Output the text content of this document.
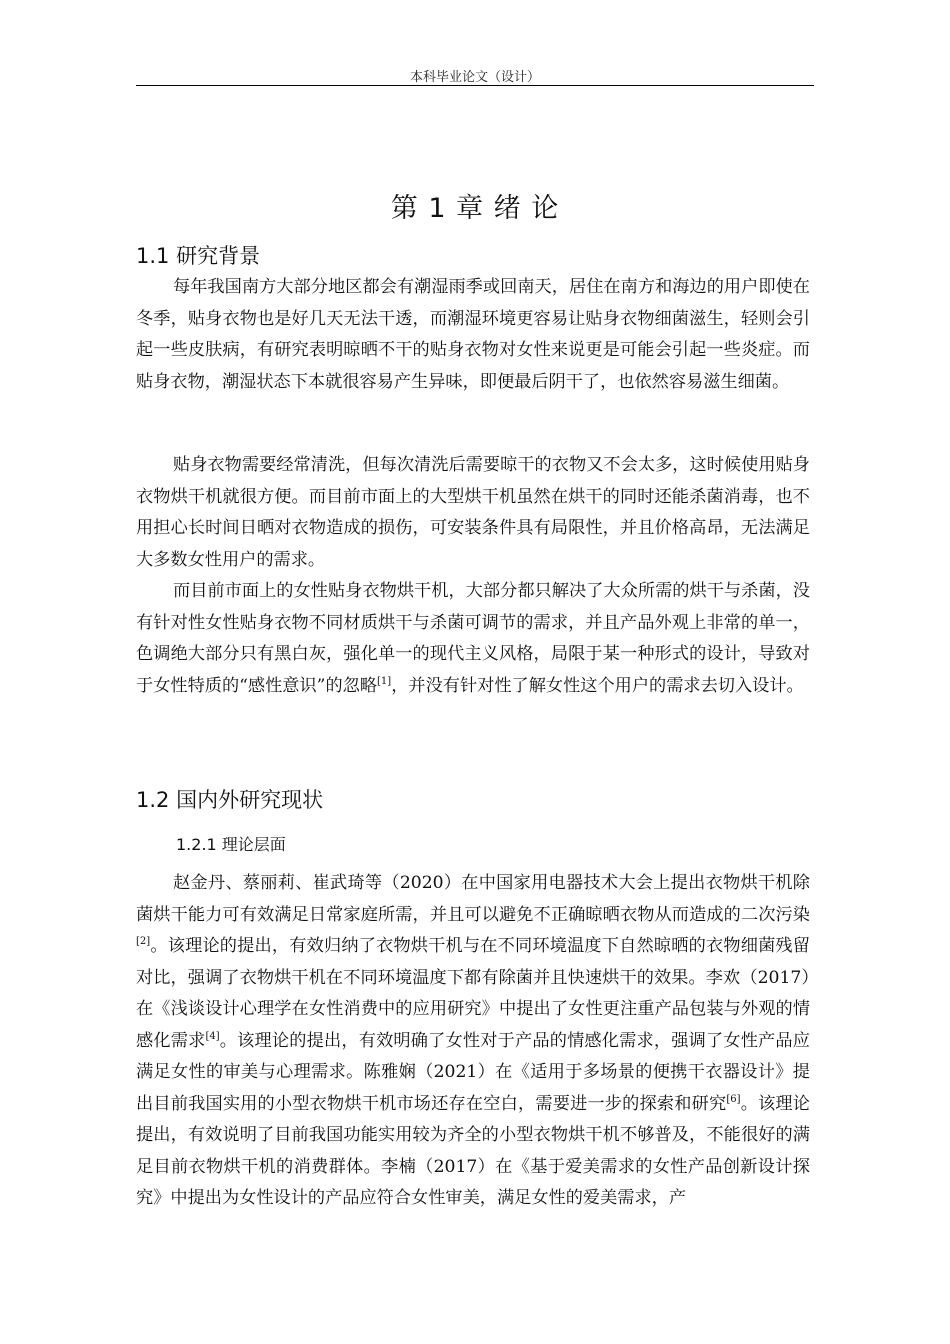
本科毕业论文（设计）
第 1 章 绪 论
1.1 研究背景

每年我国南方大部分地区都会有潮湿雨季或回南天，居住在南方和海边的用户即使在冬季，贴身衣物也是好几天无法干透，而潮湿环境更容易让贴身衣物细菌滋生，轻则会引起一些皮肤病，有研究表明晾晒不干的贴身衣物对女性来说更是可能会引起一些炎症。而贴身衣物，潮湿状态下本就很容易产生异味，即便最后阴干了，也依然容易滋生细菌。

贴身衣物需要经常清洗，但每次清洗后需要晾干的衣物又不会太多，这时候使用贴身衣物烘干机就很方便。而目前市面上的大型烘干机虽然在烘干的同时还能杀菌消毒，也不用担心长时间日晒对衣物造成的损伤，可安装条件具有局限性，并且价格高昂，无法满足大多数女性用户的需求。

而目前市面上的女性贴身衣物烘干机，大部分都只解决了大众所需的烘干与杀菌，没有针对性女性贴身衣物不同材质烘干与杀菌可调节的需求，并且产品外观上非常的单一，色调绝大部分只有黑白灰，强化单一的现代主义风格，局限于某一种形式的设计，导致对于女性特质的“感性意识”的忽略[1]，并没有针对性了解女性这个用户的需求去切入设计。

1.2 国内外研究现状
1.2.1 理论层面

赵金丹、蔡丽莉、崔武琦等（2020）在中国家用电器技术大会上提出衣物烘干机除菌烘干能力可有效满足日常家庭所需，并且可以避免不正确晾晒衣物从而造成的二次污染[2]。该理论的提出，有效归纳了衣物烘干机与在不同环境温度下自然晾晒的衣物细菌残留对比，强调了衣物烘干机在不同环境温度下都有除菌并且快速烘干的效果。李欢（2017）在《浅谈设计心理学在女性消费中的应用研究》中提出了女性更注重产品包装与外观的情感化需求[4]。该理论的提出，有效明确了女性对于产品的情感化需求，强调了女性产品应满足女性的审美与心理需求。陈雅娴（2021）在《适用于多场景的便携干衣器设计》提出目前我国实用的小型衣物烘干机市场还存在空白，需要进一步的探索和研究[6]。该理论提出，有效说明了目前我国功能实用较为齐全的小型衣物烘干机不够普及，不能很好的满足目前衣物烘干机的消费群体。李楠（2017）在《基于爱美需求的女性产品创新设计探究》中提出为女性设计的产品应符合女性审美，满足女性的爱美需求，产
